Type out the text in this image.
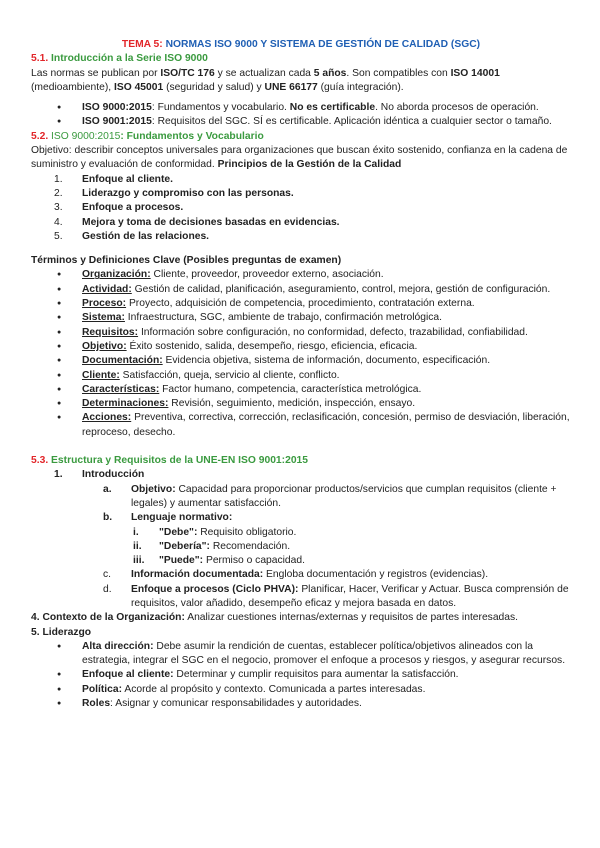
TEMA 5: NORMAS ISO 9000 Y SISTEMA DE GESTIÓN DE CALIDAD (SGC)

5.1. Introducción a la Serie ISO 9000

Las normas se publican por ISO/TC 176 y se actualizan cada 5 años. Son compatibles con ISO 14001 (medioambiente), ISO 45001 (seguridad y salud) y UNE 66177 (guía integración).

● ISO 9000:2015: Fundamentos y vocabulario. No es certificable. No aborda procesos de operación.

● ISO 9001:2015: Requisitos del SGC. SÍ es certificable. Aplicación idéntica a cualquier sector o tamaño.

5.2. ISO 9000:2015: Fundamentos y Vocabulario

Objetivo: describir conceptos universales para organizaciones que buscan éxito sostenido, confianza en la cadena de suministro y evaluación de conformidad. Principios de la Gestión de la Calidad

1. Enfoque al cliente.

2. Liderazgo y compromiso con las personas.

3. Enfoque a procesos.

4. Mejora y toma de decisiones basadas en evidencias.

5. Gestión de las relaciones.

Términos y Definiciones Clave (Posibles preguntas de examen)

● Organización: Cliente, proveedor, proveedor externo, asociación.

● Actividad: Gestión de calidad, planificación, aseguramiento, control, mejora, gestión de configuración.

● Proceso: Proyecto, adquisición de competencia, procedimiento, contratación externa.

● Sistema: Infraestructura, SGC, ambiente de trabajo, confirmación metrológica.

● Requisitos: Información sobre configuración, no conformidad, defecto, trazabilidad, confiabilidad.

● Objetivo: Éxito sostenido, salida, desempeño, riesgo, eficiencia, eficacia.

● Documentación: Evidencia objetiva, sistema de información, documento, especificación.

● Cliente: Satisfacción, queja, servicio al cliente, conflicto.

● Características: Factor humano, competencia, característica metrológica.

● Determinaciones: Revisión, seguimiento, medición, inspección, ensayo.

● Acciones: Preventiva, correctiva, corrección, reclasificación, concesión, permiso de desviación, liberación, reproceso, desecho.

5.3. Estructura y Requisitos de la UNE-EN ISO 9001:2015

1. Introducción

a. Objetivo: Capacidad para proporcionar productos/servicios que cumplan requisitos (cliente + legales) y aumentar satisfacción.

b. Lenguaje normativo:

i. "Debe": Requisito obligatorio.

ii. "Debería": Recomendación.

iii. "Puede": Permiso o capacidad.

c. Información documentada: Engloba documentación y registros (evidencias).

d. Enfoque a procesos (Ciclo PHVA): Planificar, Hacer, Verificar y Actuar. Busca comprensión de requisitos, valor añadido, desempeño eficaz y mejora basada en datos.

4. Contexto de la Organización: Analizar cuestiones internas/externas y requisitos de partes interesadas.

5. Liderazgo

● Alta dirección: Debe asumir la rendición de cuentas, establecer política/objetivos alineados con la estrategia, integrar el SGC en el negocio, promover el enfoque a procesos y riesgos, y asegurar recursos.

● Enfoque al cliente: Determinar y cumplir requisitos para aumentar la satisfacción.

● Política: Acorde al propósito y contexto. Comunicada a partes interesadas.

● Roles: Asignar y comunicar responsabilidades y autoridades.
